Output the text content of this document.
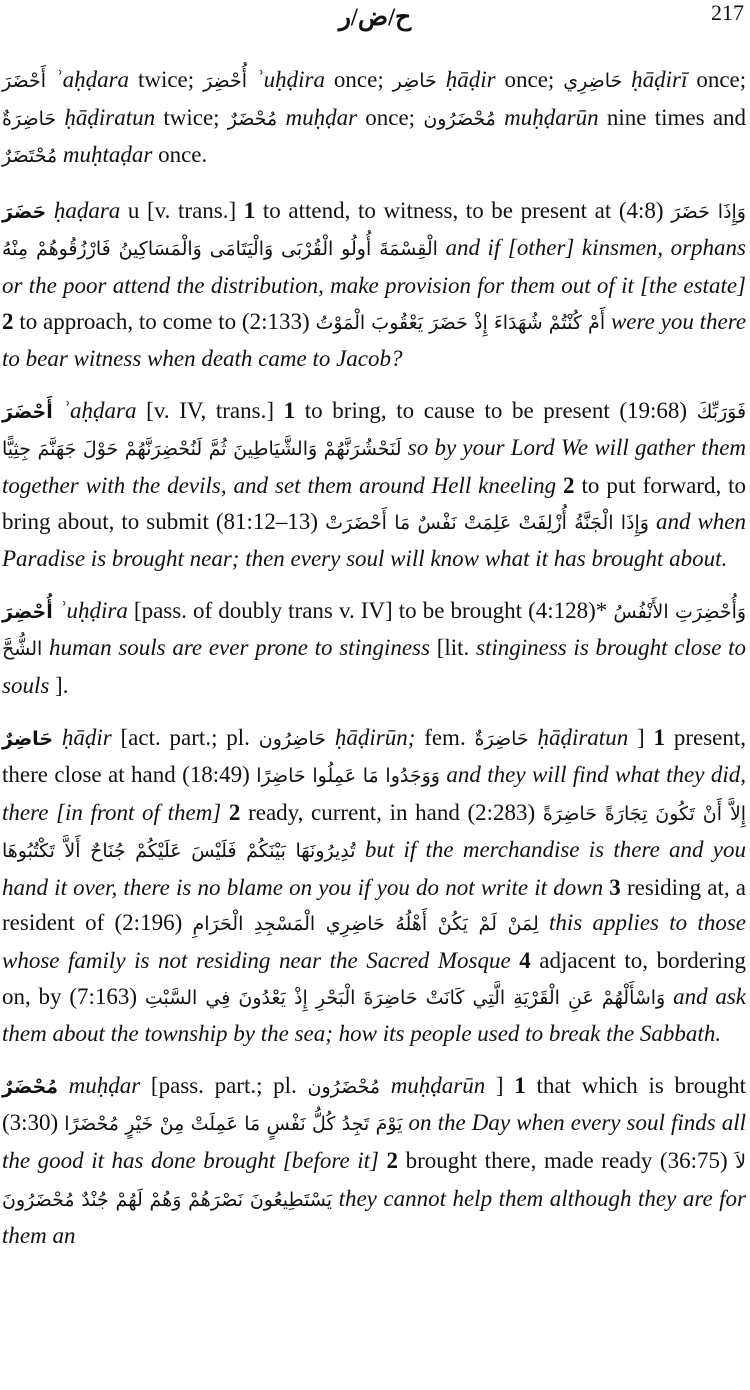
ح/ض/ر	217

أَحْضَرَ ʾaḥḍara twice; أُحْضِرَ ʾuḥḍira once; حَاضِر ḥāḍir once; حَاضِرِي ḥāḍirī once; حَاضِرَةٌ ḥāḍiratun twice; مُحْضَرٌ muḥḍar once; مُحْضَرُون muḥḍarūn nine times and مُحْتَضَرٌ muḥtaḍar once.

حَضَرَ ḥaḍara u [v. trans.] 1 to attend, to witness, to be present at (4:8) وَإِذَا حَضَرَ الْقِسْمَةَ أُولُو الْقُرْبَى وَالْيَتَامَى وَالْمَسَاكِينُ فَارْزُقُوهُمْ مِنْهُ and if [other] kinsmen, orphans or the poor attend the distribution, make provision for them out of it [the estate] 2 to approach, to come to (2:133) أَمْ كُنْتُمْ شُهَدَاءَ إِذْ حَضَرَ يَعْقُوبَ الْمَوْتُ were you there to bear witness when death came to Jacob?

أَحْضَرَ ʾaḥḍara [v. IV, trans.] 1 to bring, to cause to be present (19:68) فَوَرَبِّكَ لَنَحْشُرَنَّهُمْ وَالشَّيَاطِينَ ثُمَّ لَنُحْضِرَنَّهُمْ حَوْلَ جَهَنَّمَ جِثِيًّا so by your Lord We will gather them together with the devils, and set them around Hell kneeling 2 to put forward, to bring about, to submit (81:12–13) وَإِذَا الْجَنَّةُ أُزْلِفَتْ عَلِمَتْ نَفْسٌ مَا أَحْضَرَتْ and when Paradise is brought near; then every soul will know what it has brought about.

أُحْضِرَ ʾuḥḍira [pass. of doubly trans v. IV] to be brought (4:128)* وَأُحْضِرَتِ الأَنْفُسُ الشُّحَّ human souls are ever prone to stinginess [lit. stinginess is brought close to souls ].

حَاضِرٌ ḥāḍir [act. part.; pl. حَاضِرُون ḥāḍirūn; fem. حَاضِرَةٌ ḥāḍiratun ] 1 present, there close at hand (18:49) وَوَجَدُوا مَا عَمِلُوا حَاضِرًا and they will find what they did, there [in front of them] 2 ready, current, in hand (2:283) إِلاَّ أَنْ تَكُونَ تِجَارَةً حَاضِرَةً تُدِيرُونَهَا بَيْنَكُمْ فَلَيْسَ عَلَيْكُمْ جُنَاحٌ أَلاَّ تَكْتُبُوهَا but if the merchandise is there and you hand it over, there is no blame on you if you do not write it down 3 residing at, a resident of (2:196) لِمَنْ لَمْ يَكُنْ أَهْلُهُ حَاضِرِي الْمَسْجِدِ الْحَرَامِ this applies to those whose family is not residing near the Sacred Mosque 4 adjacent to, bordering on, by (7:163) وَاسْأَلْهُمْ عَنِ الْقَرْيَةِ الَّتِي كَانَتْ حَاضِرَةَ الْبَحْرِ إِذْ يَعْدُونَ فِي السَّبْتِ and ask them about the township by the sea; how its people used to break the Sabbath.

مُحْضَرٌ muḥḍar [pass. part.; pl. مُحْضَرُون muḥḍarūn ] 1 that which is brought (3:30) يَوْمَ تَجِدُ كُلُّ نَفْسٍ مَا عَمِلَتْ مِنْ خَيْرٍ مُحْضَرًا on the Day when every soul finds all the good it has done brought [before it] 2 brought there, made ready (36:75) لاَ يَسْتَطِيعُونَ نَصْرَهُمْ وَهُمْ لَهُمْ جُنْدٌ مُحْضَرُونَ they cannot help them although they are for them an
